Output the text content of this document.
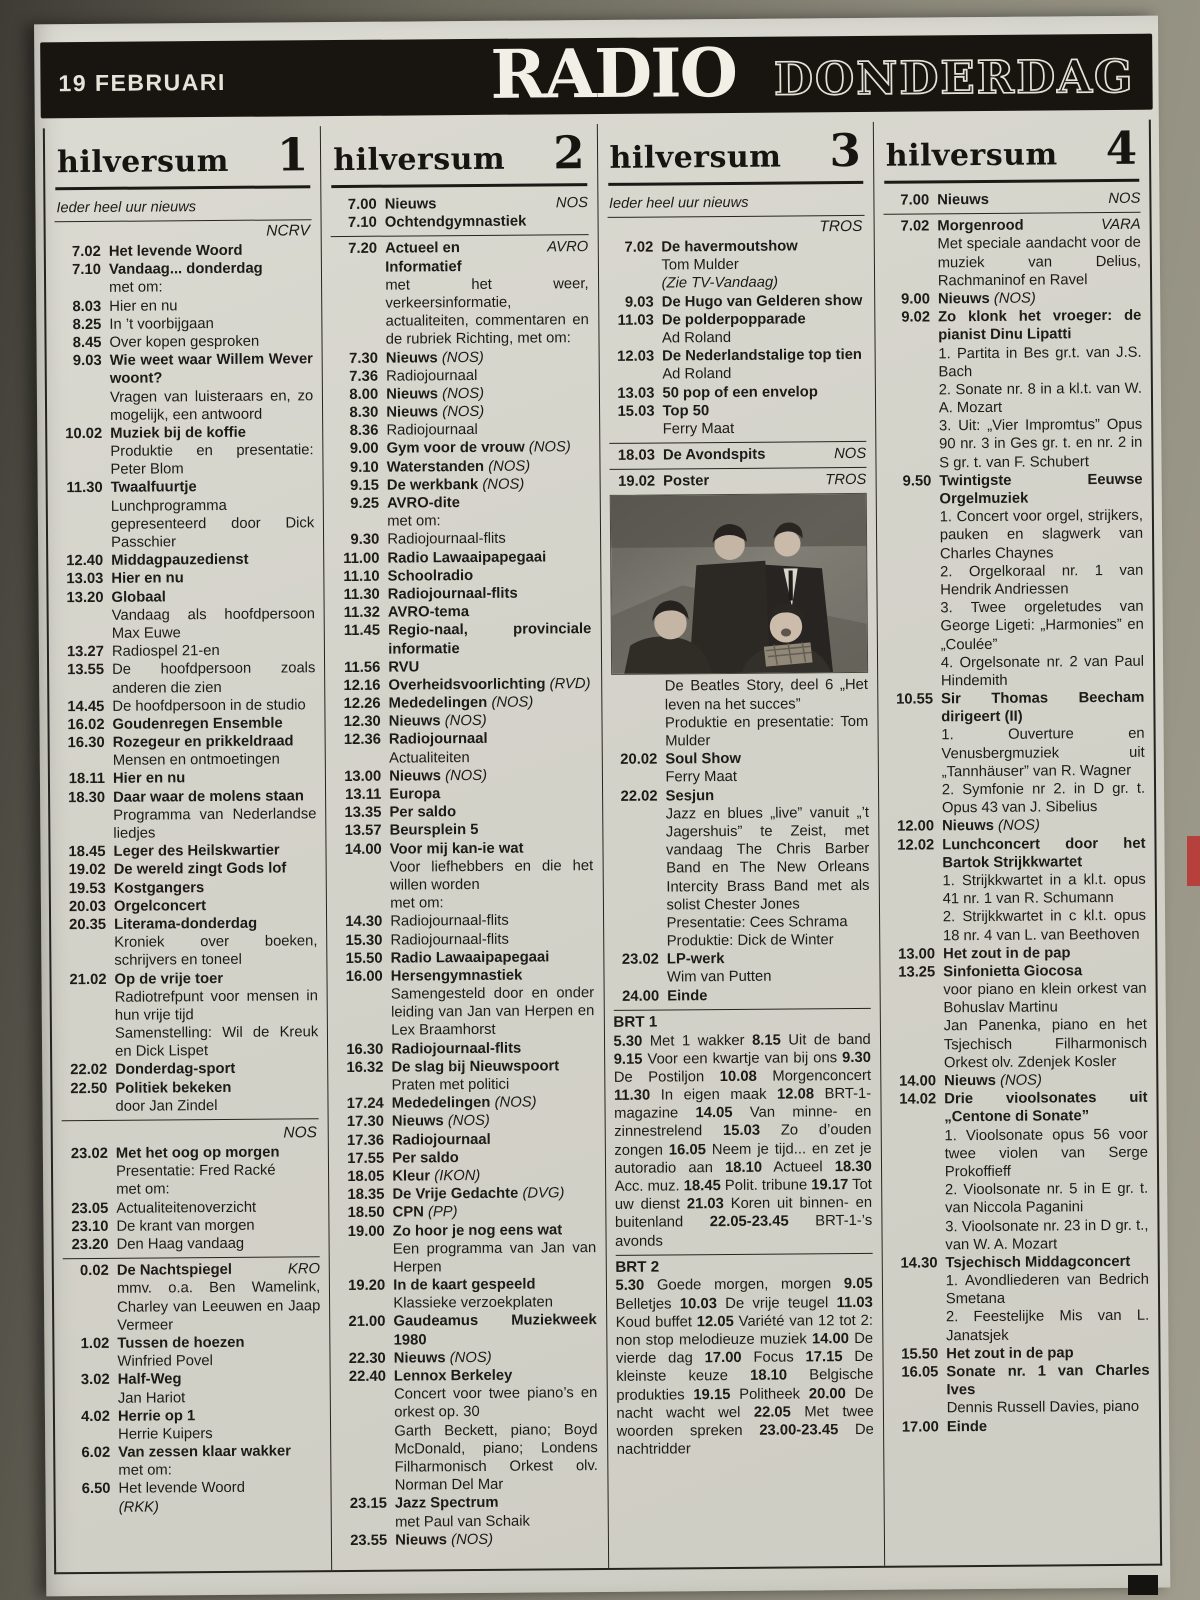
19 FEBRUARI	RADIO DONDERDAG
hilversum 1
Ieder heel uur nieuws
NCRV
7.02 Het levende Woord
7.10 Vandaag... donderdag
met om:
8.03 Hier en nu
8.25 In ’t voorbijgaan
8.45 Over kopen gesproken
9.03 Wie weet waar Willem Wever woont?
Vragen van luisteraars en, zo mogelijk, een antwoord
10.02 Muziek bij de koffie
Produktie en presentatie: Peter Blom
11.30 Twaalfuurtje
Lunchprogramma gepresenteerd door Dick Passchier
12.40 Middagpauzedienst
13.03 Hier en nu
13.20 Globaal
Vandaag als hoofdpersoon Max Euwe
13.27 Radiospel 21-en
13.55 De hoofdpersoon zoals anderen die zien
14.45 De hoofdpersoon in de studio
16.02 Goudenregen Ensemble
16.30 Rozegeur en prikkeldraad
Mensen en ontmoetingen
18.11 Hier en nu
18.30 Daar waar de molens staan
Programma van Nederlandse liedjes
18.45 Leger des Heilskwartier
19.02 De wereld zingt Gods lof
19.53 Kostgangers
20.03 Orgelconcert
20.35 Literama-donderdag
Kroniek over boeken, schrijvers en toneel
21.02 Op de vrije toer
Radiotrefpunt voor mensen in hun vrije tijd
Samenstelling: Wil de Kreuk en Dick Lispet
22.02 Donderdag-sport
22.50 Politiek bekeken
door Jan Zindel
NOS
23.02 Met het oog op morgen
Presentatie: Fred Racké
met om:
23.05 Actualiteitenoverzicht
23.10 De krant van morgen
23.20 Den Haag vandaag
0.02 De Nachtspiegel	KRO
mmv. o.a. Ben Wamelink, Charley van Leeuwen en Jaap Vermeer
1.02 Tussen de hoezen
Winfried Povel
3.02 Half-Weg
Jan Hariot
4.02 Herrie op 1
Herrie Kuipers
6.02 Van zessen klaar wakker
met om:
6.50 Het levende Woord
(RKK)
hilversum 2
7.00 Nieuws	NOS
7.10 Ochtendgymnastiek
7.20 Actueel en	AVRO
Informatief
met het weer, verkeersinformatie, actualiteiten, commentaren en de rubriek Richting, met om:
7.30 Nieuws (NOS)
7.36 Radiojournaal
8.00 Nieuws (NOS)
8.30 Nieuws (NOS)
8.36 Radiojournaal
9.00 Gym voor de vrouw (NOS)
9.10 Waterstanden (NOS)
9.15 De werkbank (NOS)
9.25 AVRO-dite
met om:
9.30 Radiojournaal-flits
11.00 Radio Lawaaipapegaai
11.10 Schoolradio
11.30 Radiojournaal-flits
11.32 AVRO-tema
11.45 Regio-naal, provinciale informatie
11.56 RVU
12.16 Overheidsvoorlichting (RVD)
12.26 Mededelingen (NOS)
12.30 Nieuws (NOS)
12.36 Radiojournaal
Actualiteiten
13.00 Nieuws (NOS)
13.11 Europa
13.35 Per saldo
13.57 Beursplein 5
14.00 Voor mij kan-ie wat
Voor liefhebbers en die het willen worden
met om:
14.30 Radiojournaal-flits
15.30 Radiojournaal-flits
15.50 Radio Lawaaipapegaai
16.00 Hersengymnastiek
Samengesteld door en onder leiding van Jan van Herpen en Lex Braamhorst
16.30 Radiojournaal-flits
16.32 De slag bij Nieuwspoort
Praten met politici
17.24 Mededelingen (NOS)
17.30 Nieuws (NOS)
17.36 Radiojournaal
17.55 Per saldo
18.05 Kleur (IKON)
18.35 De Vrije Gedachte (DVG)
18.50 CPN (PP)
19.00 Zo hoor je nog eens wat
Een programma van Jan van Herpen
19.20 In de kaart gespeeld
Klassieke verzoekplaten
21.00 Gaudeamus Muziekweek 1980
22.30 Nieuws (NOS)
22.40 Lennox Berkeley
Concert voor twee piano’s en orkest op. 30
Garth Beckett, piano; Boyd McDonald, piano; Londens Filharmonisch Orkest olv. Norman Del Mar
23.15 Jazz Spectrum
met Paul van Schaik
23.55 Nieuws (NOS)
hilversum 3
Ieder heel uur nieuws
TROS
7.02 De havermoutshow
Tom Mulder
(Zie TV-Vandaag)
9.03 De Hugo van Gelderen show
11.03 De polderpopparade
Ad Roland
12.03 De Nederlandstalige top tien
Ad Roland
13.03 50 pop of een envelop
15.03 Top 50
Ferry Maat
18.03 De Avondspits	NOS
19.02 Poster	TROS
De Beatles Story, deel 6 „Het leven na het succes”
Produktie en presentatie: Tom Mulder
20.02 Soul Show
Ferry Maat
22.02 Sesjun
Jazz en blues „live” vanuit „’t Jagershuis” te Zeist, met vandaag The Chris Barber Band en The New Orleans Intercity Brass Band met als solist Chester Jones
Presentatie: Cees Schrama
Produktie: Dick de Winter
23.02 LP-werk
Wim van Putten
24.00 Einde
BRT 1
5.30 Met 1 wakker 8.15 Uit de band 9.15 Voor een kwartje van bij ons 9.30 De Postiljon 10.08 Morgenconcert 11.30 In eigen maak 12.08 BRT-1-magazine 14.05 Van minne- en zinnestrelend 15.03 Zo d’ouden zongen 16.05 Neem je tijd... en zet je autoradio aan 18.10 Actueel 18.30 Acc. muz. 18.45 Polit. tribune 19.17 Tot uw dienst 21.03 Koren uit binnen- en buitenland 22.05-23.45 BRT-1-’s avonds
BRT 2
5.30 Goede morgen, morgen 9.05 Belletjes 10.03 De vrije teugel 11.03 Koud buffet 12.05 Variété van 12 tot 2: non stop melodieuze muziek 14.00 De vierde dag 17.00 Focus 17.15 De kleinste keuze 18.10 Belgische produkties 19.15 Politheek 20.00 De nacht wacht wel 22.05 Met twee woorden spreken 23.00-23.45 De nachtridder
hilversum 4
7.00 Nieuws	NOS
7.02 Morgenrood	VARA
Met speciale aandacht voor de muziek van Delius, Rachmaninof en Ravel
9.00 Nieuws (NOS)
9.02 Zo klonk het vroeger: de pianist Dinu Lipatti
1. Partita in Bes gr.t. van J.S. Bach
2. Sonate nr. 8 in a kl.t. van W. A. Mozart
3. Uit: „Vier Impromtus” Opus 90 nr. 3 in Ges gr. t. en nr. 2 in S gr. t. van F. Schubert
9.50 Twintigste Eeuwse Orgelmuziek
1. Concert voor orgel, strijkers, pauken en slagwerk van Charles Chaynes
2. Orgelkoraal nr. 1 van Hendrik Andriessen
3. Twee orgeletudes van George Ligeti: „Harmonies” en „Coulée”
4. Orgelsonate nr. 2 van Paul Hindemith
10.55 Sir Thomas Beecham dirigeert (II)
1. Ouverture en Venusbergmuziek uit „Tannhäuser” van R. Wagner
2. Symfonie nr 2. in D gr. t. Opus 43 van J. Sibelius
12.00 Nieuws (NOS)
12.02 Lunchconcert door het Bartok Strijkkwartet
1. Strijkkwartet in a kl.t. opus 41 nr. 1 van R. Schumann
2. Strijkkwartet in c kl.t. opus 18 nr. 4 van L. van Beethoven
13.00 Het zout in de pap
13.25 Sinfonietta Giocosa
voor piano en klein orkest van Bohuslav Martinu
Jan Panenka, piano en het Tsjechisch Filharmonisch Orkest olv. Zdenjek Kosler
14.00 Nieuws (NOS)
14.02 Drie vioolsonates uit „Centone di Sonate”
1. Vioolsonate opus 56 voor twee violen van Serge Prokoffieff
2. Vioolsonate nr. 5 in E gr. t. van Niccola Paganini
3. Vioolsonate nr. 23 in D gr. t., van W. A. Mozart
14.30 Tsjechisch Middagconcert
1. Avondliederen van Bedrich Smetana
2. Feestelijke Mis van L. Janatsjek
15.50 Het zout in de pap
16.05 Sonate nr. 1 van Charles Ives
Dennis Russell Davies, piano
17.00 Einde
